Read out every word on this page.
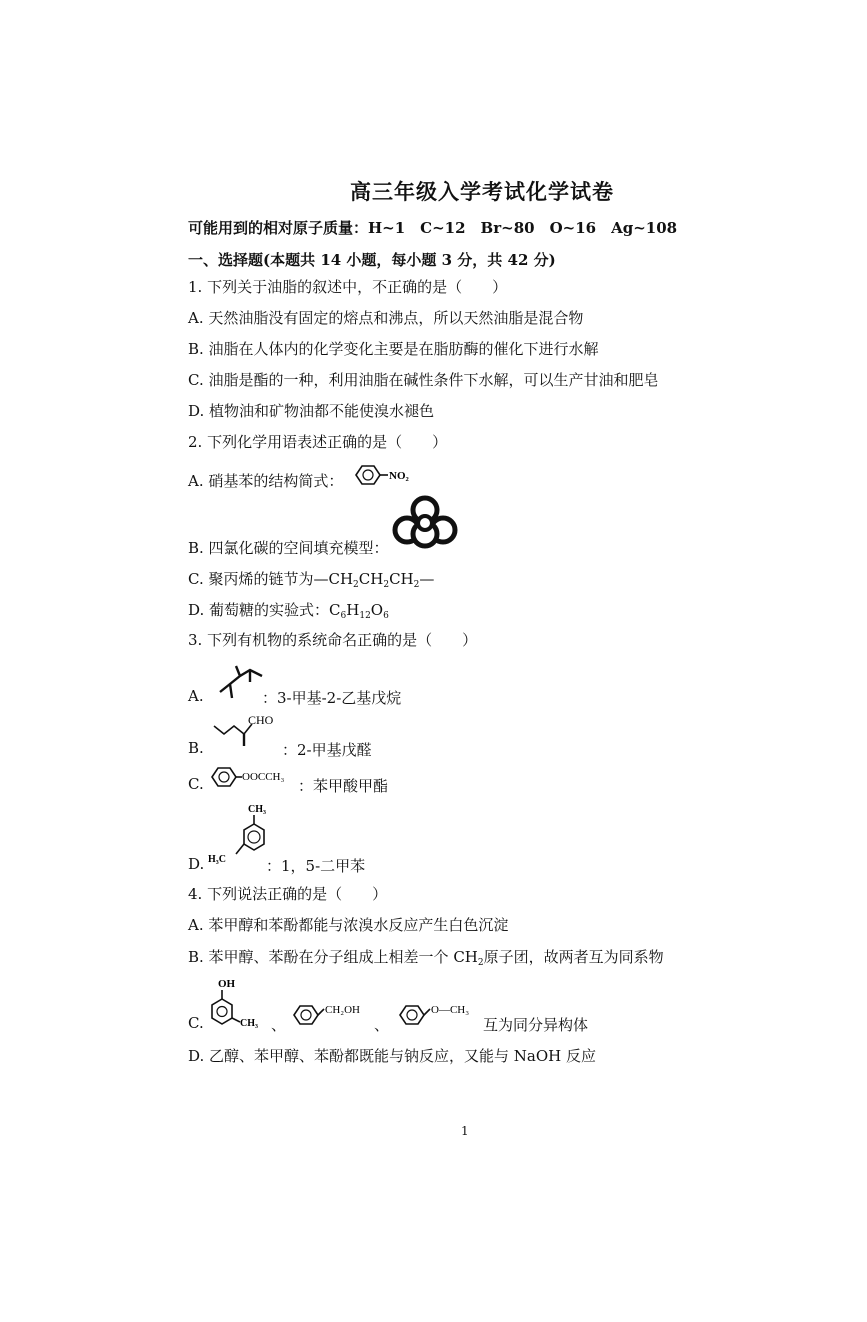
高三年级入学考试化学试卷
可能用到的相对原子质量：H~1　C~12　Br~80　O~16　Ag~108
一、选择题(本题共 14 小题，每小题 3 分，共 42 分)
1. 下列关于油脂的叙述中，不正确的是（　　）
A. 天然油脂没有固定的熔点和沸点，所以天然油脂是混合物
B. 油脂在人体内的化学变化主要是在脂肪酶的催化下进行水解
C. 油脂是酯的一种，利用油脂在碱性条件下水解，可以生产甘油和肥皂
D. 植物油和矿物油都不能使溴水褪色
2. 下列化学用语表述正确的是（　　）
A. 硝基苯的结构简式：	NO₂
B. 四氯化碳的空间填充模型：
C. 聚丙烯的链节为$—CH_2CH_2CH_2—$
D. 葡萄糖的实验式：$C_6H_{12}O_6$
3. 下列有机物的系统命名正确的是（　　）
A.	：3-甲基-2-乙基戊烷
B.
CHO
：2-甲基戊醛
C.	OOCCH₃ ：苯甲酸甲酯
D.
CH₃
H₃C	：1，5-二甲苯
4. 下列说法正确的是（　　）
A. 苯甲醇和苯酚都能与浓溴水反应产生白色沉淀
B. 苯甲醇、苯酚在分子组成上相差一个 $CH_2$原子团，故两者互为同系物
C.
OH
CH₃ 、
CH₂OH
、
O—CH₃
互为同分异构体
D. 乙醇、苯甲醇、苯酚都既能与钠反应，又能与 NaOH 反应
1
